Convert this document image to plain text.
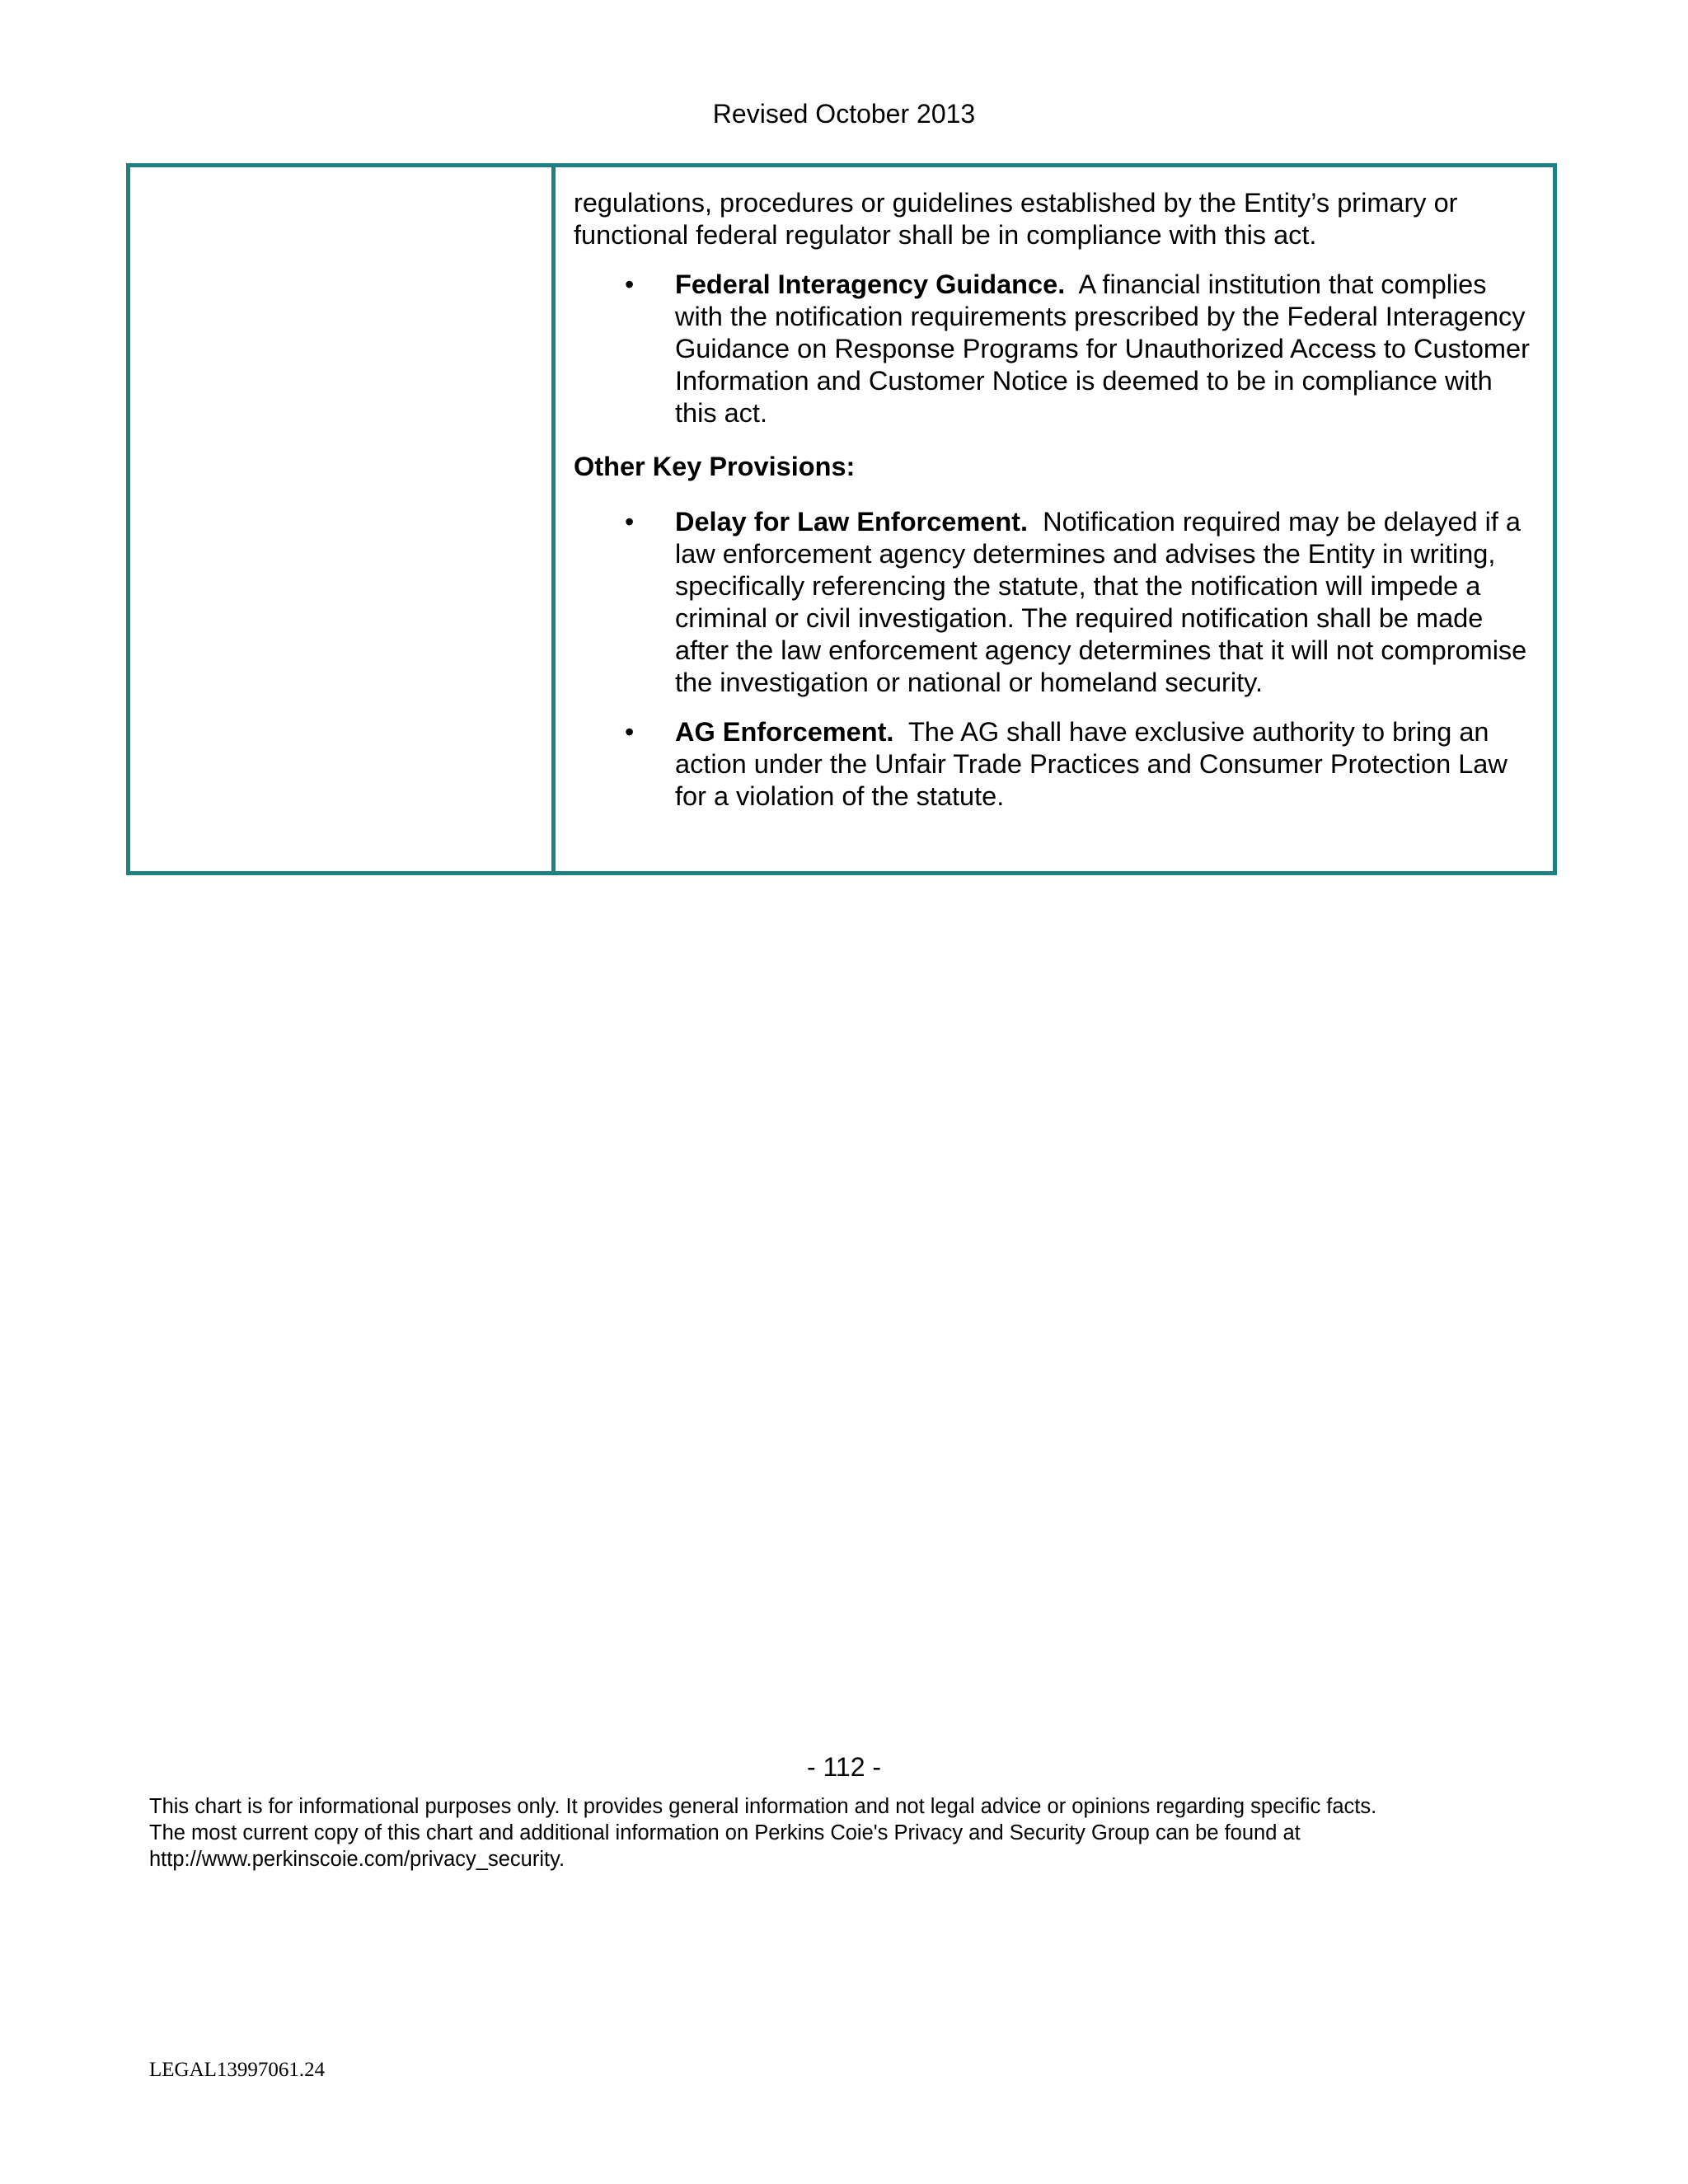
Revised October 2013

regulations, procedures or guidelines established by the Entity’s primary or functional federal regulator shall be in compliance with this act.

•	Federal Interagency Guidance. A financial institution that complies with the notification requirements prescribed by the Federal Interagency Guidance on Response Programs for Unauthorized Access to Customer Information and Customer Notice is deemed to be in compliance with this act.
Other Key Provisions:
•	Delay for Law Enforcement. Notification required may be delayed if a law enforcement agency determines and advises the Entity in writing, specifically referencing the statute, that the notification will impede a criminal or civil investigation. The required notification shall be made after the law enforcement agency determines that it will not compromise the investigation or national or homeland security.
•	AG Enforcement. The AG shall have exclusive authority to bring an action under the Unfair Trade Practices and Consumer Protection Law for a violation of the statute.
- 112 -
This chart is for informational purposes only. It provides general information and not legal advice or opinions regarding specific facts.
The most current copy of this chart and additional information on Perkins Coie's Privacy and Security Group can be found at
http://www.perkinscoie.com/privacy_security.
LEGAL13997061.24
